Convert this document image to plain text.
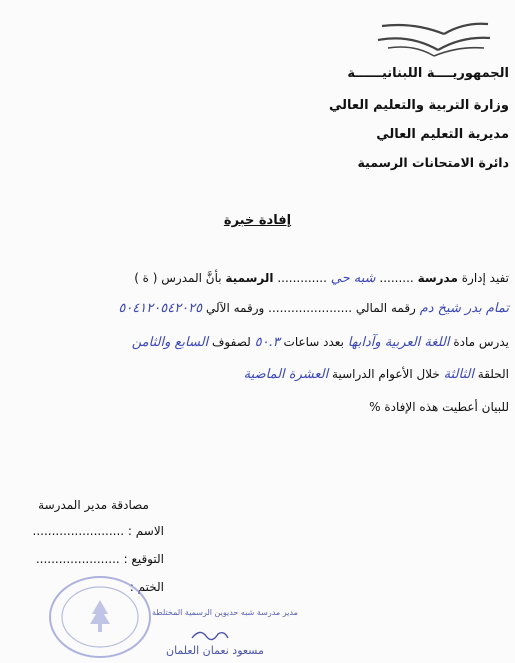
الجمهوريــــة اللبنانيــــــة
وزارة التربية والتعليم العالي
مديرية التعليم العالي
دائرة الامتحانات الرسمية
إفادة خبرة
تفيد إدارة مدرسة ......... شبه حي ............. الرسمية بأنَّ المدرس ( ة )
تمام بدر شيخ دم رقمه المالي ...................... ورقمه الآلي ٥٠٤١٢٠٥٤٢٠٢٥
يدرس مادة اللغة العربية وآدابها بعدد ساعات ٥٠.٣ لصفوف السابع والثامن
الحلقة الثالثة خلال الأعوام الدراسية العشرة الماضية
للبيان أعطيت هذه الإفادة %
مصادقة مدير المدرسة
الاسم : ........................
التوقيع : ......................
الختم :
مدير مدرسة شبه حديوين الرسمية المختلطة
مسعود نعمان العلمان
